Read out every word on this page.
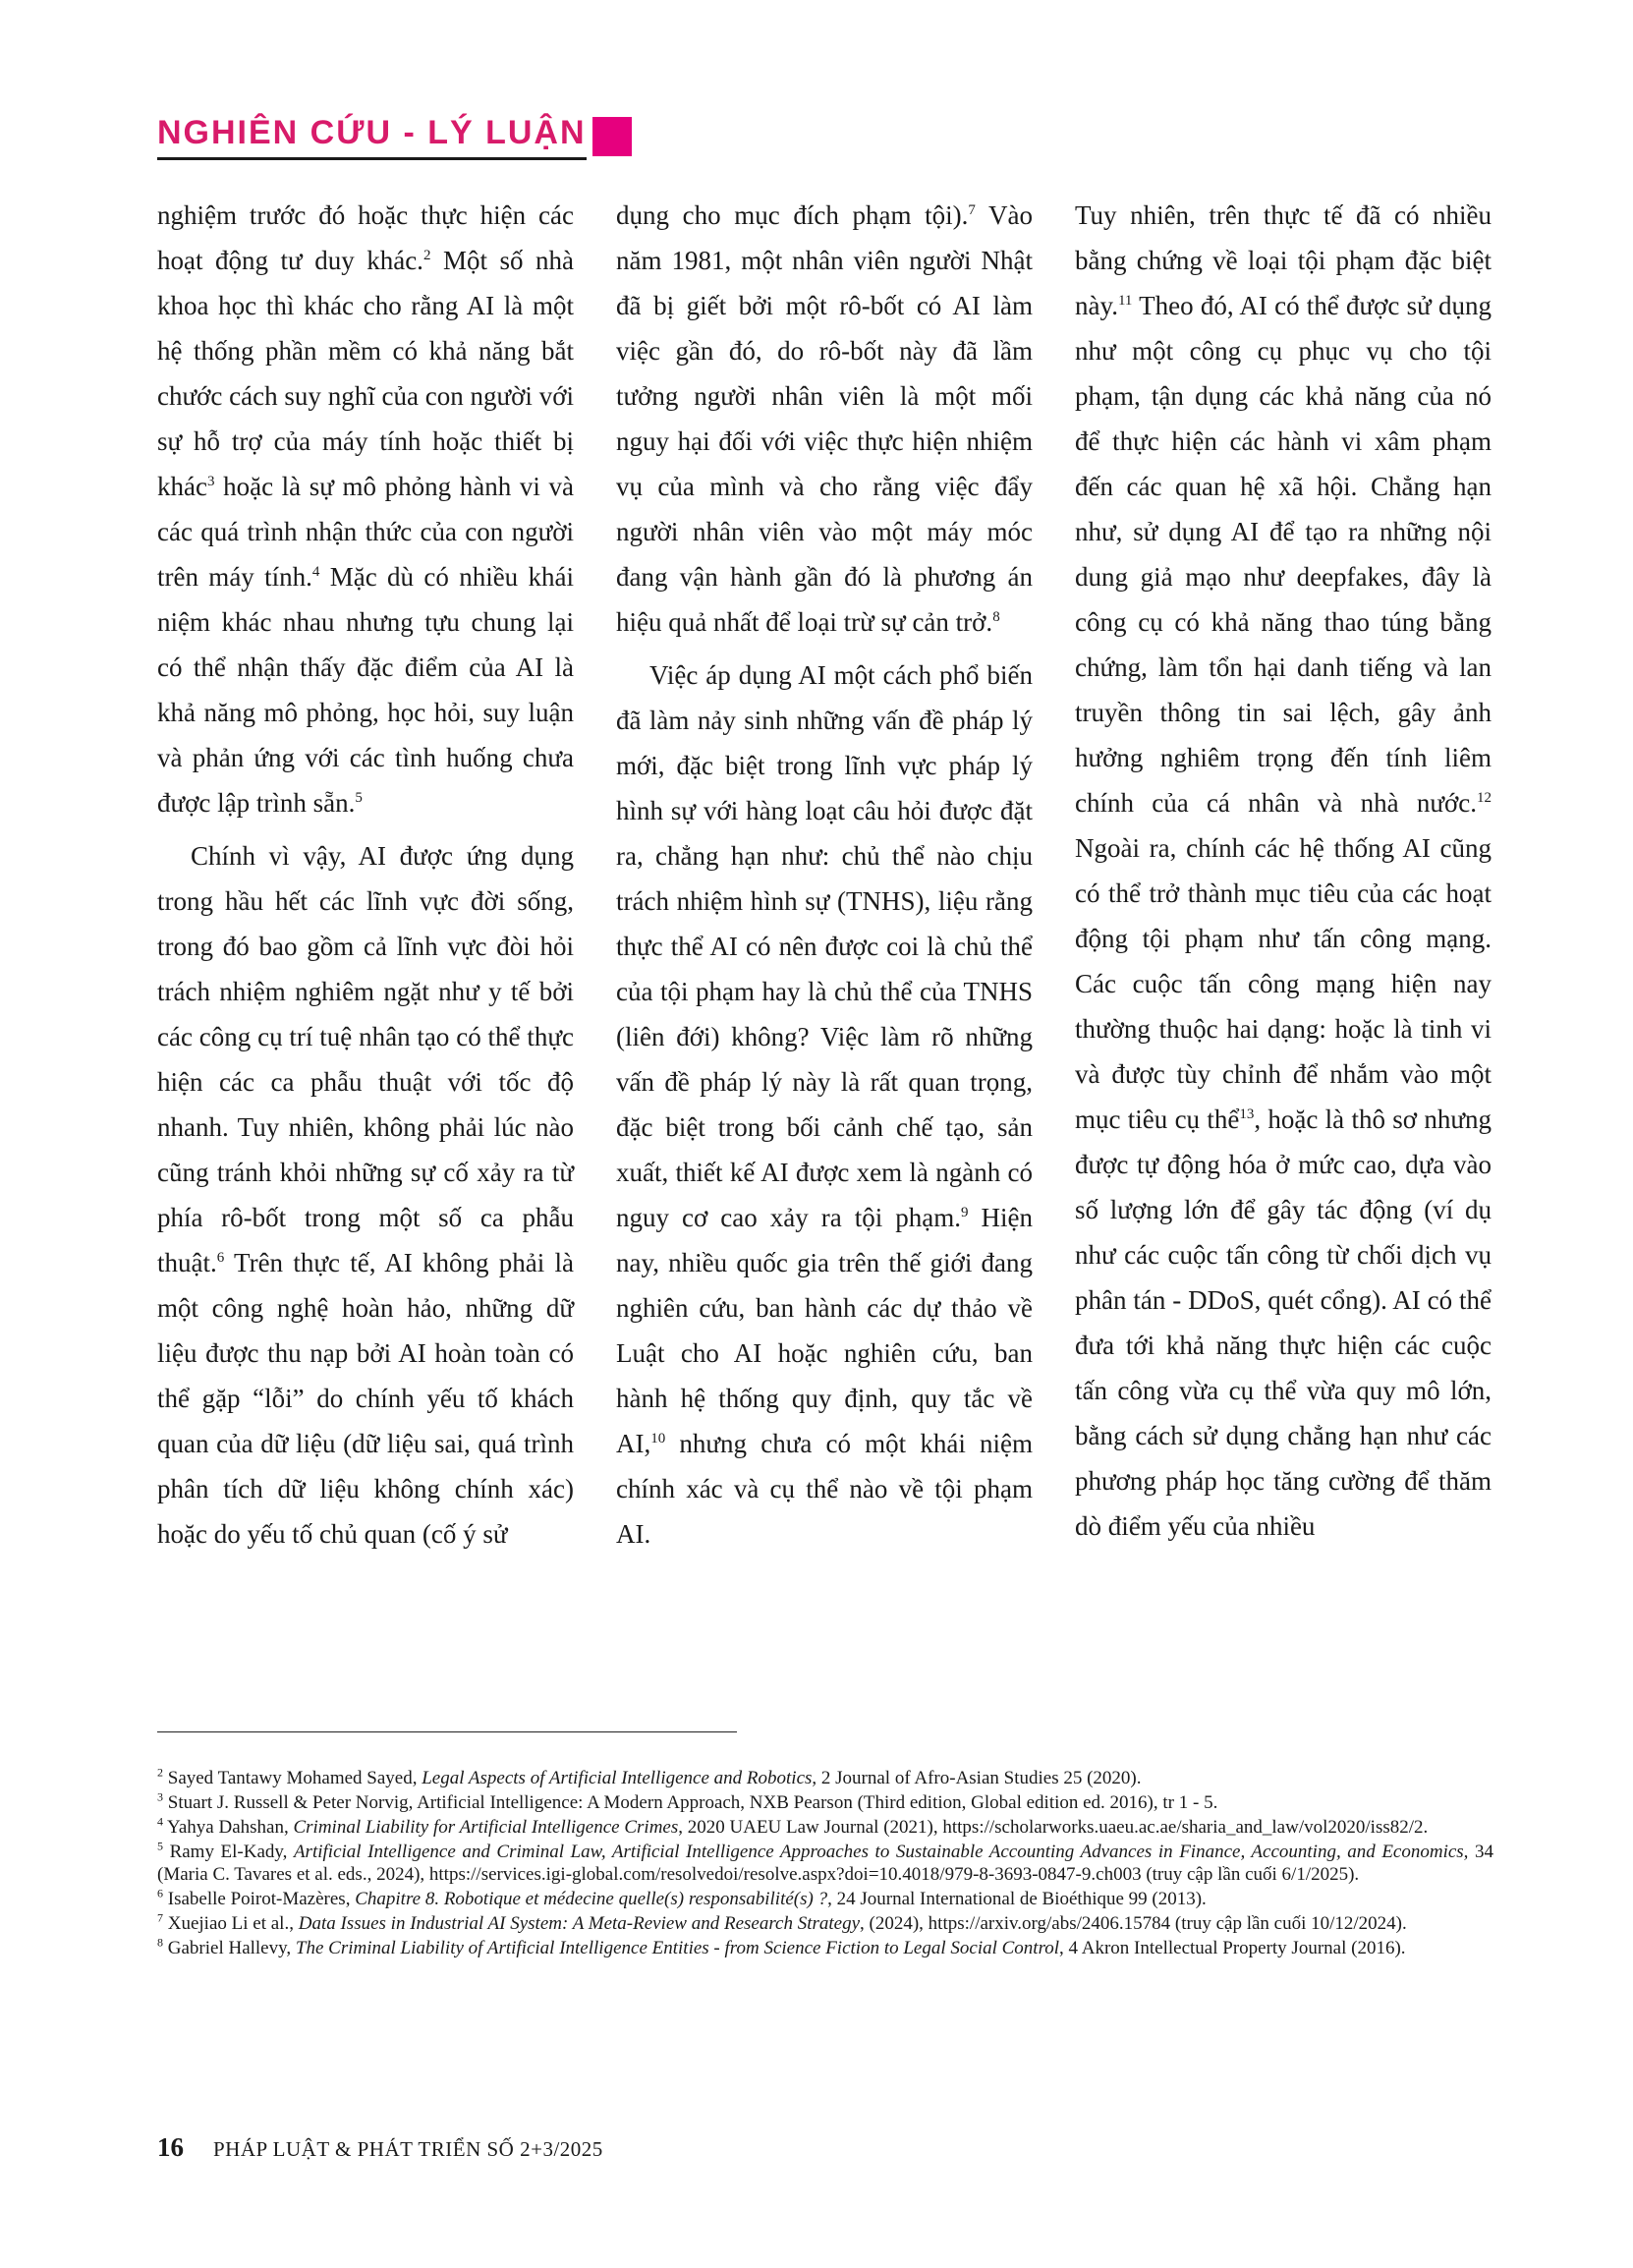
NGHIÊN CỨU - LÝ LUẬN

nghiệm trước đó hoặc thực hiện các hoạt động tư duy khác.$^2$ Một số nhà khoa học thì khác cho rằng AI là một hệ thống phần mềm có khả năng bắt chước cách suy nghĩ của con người với sự hỗ trợ của máy tính hoặc thiết bị khác$^3$ hoặc là sự mô phỏng hành vi và các quá trình nhận thức của con người trên máy tính.$^4$ Mặc dù có nhiều khái niệm khác nhau nhưng tựu chung lại có thể nhận thấy đặc điểm của AI là khả năng mô phỏng, học hỏi, suy luận và phản ứng với các tình huống chưa được lập trình sẵn.$^5$

Chính vì vậy, AI được ứng dụng trong hầu hết các lĩnh vực đời sống, trong đó bao gồm cả lĩnh vực đòi hỏi trách nhiệm nghiêm ngặt như y tế bởi các công cụ trí tuệ nhân tạo có thể thực hiện các ca phẫu thuật với tốc độ nhanh. Tuy nhiên, không phải lúc nào cũng tránh khỏi những sự cố xảy ra từ phía rô-bốt trong một số ca phẫu thuật.$^6$ Trên thực tế, AI không phải là một công nghệ hoàn hảo, những dữ liệu được thu nạp bởi AI hoàn toàn có thể gặp “lỗi” do chính yếu tố khách quan của dữ liệu (dữ liệu sai, quá trình phân tích dữ liệu không chính xác) hoặc do yếu tố chủ quan (cố ý sử

dụng cho mục đích phạm tội).$^7$ Vào năm 1981, một nhân viên người Nhật đã bị giết bởi một rô-bốt có AI làm việc gần đó, do rô-bốt này đã lầm tưởng người nhân viên là một mối nguy hại đối với việc thực hiện nhiệm vụ của mình và cho rằng việc đẩy người nhân viên vào một máy móc đang vận hành gần đó là phương án hiệu quả nhất để loại trừ sự cản trở.$^8$

Việc áp dụng AI một cách phổ biến đã làm nảy sinh những vấn đề pháp lý mới, đặc biệt trong lĩnh vực pháp lý hình sự với hàng loạt câu hỏi được đặt ra, chẳng hạn như: chủ thể nào chịu trách nhiệm hình sự (TNHS), liệu rằng thực thể AI có nên được coi là chủ thể của tội phạm hay là chủ thể của TNHS (liên đới) không? Việc làm rõ những vấn đề pháp lý này là rất quan trọng, đặc biệt trong bối cảnh chế tạo, sản xuất, thiết kế AI được xem là ngành có nguy cơ cao xảy ra tội phạm.$^9$ Hiện nay, nhiều quốc gia trên thế giới đang nghiên cứu, ban hành các dự thảo về Luật cho AI hoặc nghiên cứu, ban hành hệ thống quy định, quy tắc về AI,$^{10}$ nhưng chưa có một khái niệm chính xác và cụ thể nào về tội phạm AI.

Tuy nhiên, trên thực tế đã có nhiều bằng chứng về loại tội phạm đặc biệt này.$^{11}$ Theo đó, AI có thể được sử dụng như một công cụ phục vụ cho tội phạm, tận dụng các khả năng của nó để thực hiện các hành vi xâm phạm đến các quan hệ xã hội. Chẳng hạn như, sử dụng AI để tạo ra những nội dung giả mạo như deepfakes, đây là công cụ có khả năng thao túng bằng chứng, làm tổn hại danh tiếng và lan truyền thông tin sai lệch, gây ảnh hưởng nghiêm trọng đến tính liêm chính của cá nhân và nhà nước.$^{12}$ Ngoài ra, chính các hệ thống AI cũng có thể trở thành mục tiêu của các hoạt động tội phạm như tấn công mạng. Các cuộc tấn công mạng hiện nay thường thuộc hai dạng: hoặc là tinh vi và được tùy chỉnh để nhắm vào một mục tiêu cụ thể$^{13}$, hoặc là thô sơ nhưng được tự động hóa ở mức cao, dựa vào số lượng lớn để gây tác động (ví dụ như các cuộc tấn công từ chối dịch vụ phân tán - DDoS, quét cổng). AI có thể đưa tới khả năng thực hiện các cuộc tấn công vừa cụ thể vừa quy mô lớn, bằng cách sử dụng chẳng hạn như các phương pháp học tăng cường để thăm dò điểm yếu của nhiều

$^2$ Sayed Tantawy Mohamed Sayed, Legal Aspects of Artificial Intelligence and Robotics, 2 Journal of Afro-Asian Studies 25 (2020).

$^3$ Stuart J. Russell & Peter Norvig, Artificial Intelligence: A Modern Approach, NXB Pearson (Third edition, Global edition ed. 2016), tr 1 - 5.

$^4$ Yahya Dahshan, Criminal Liability for Artificial Intelligence Crimes, 2020 UAEU Law Journal (2021), https://scholarworks.uaeu.ac.ae/sharia_and_law/vol2020/iss82/2.

$^5$ Ramy El-Kady, Artificial Intelligence and Criminal Law, Artificial Intelligence Approaches to Sustainable Accounting Advances in Finance, Accounting, and Economics, 34 (Maria C. Tavares et al. eds., 2024), https://services.igi-global.com/resolvedoi/resolve.aspx?doi=10.4018/979-8-3693-0847-9.ch003 (truy cập lần cuối 6/1/2025).

$^6$ Isabelle Poirot-Mazères, Chapitre 8. Robotique et médecine quelle(s) responsabilité(s) ?, 24 Journal International de Bioéthique 99 (2013).

$^7$ Xuejiao Li et al., Data Issues in Industrial AI System: A Meta-Review and Research Strategy, (2024), https://arxiv.org/abs/2406.15784 (truy cập lần cuối 10/12/2024).

$^8$ Gabriel Hallevy, The Criminal Liability of Artificial Intelligence Entities - from Science Fiction to Legal Social Control, 4 Akron Intellectual Property Journal (2016).

16 PHÁP LUẬT & PHÁT TRIỂN SỐ 2+3/2025
